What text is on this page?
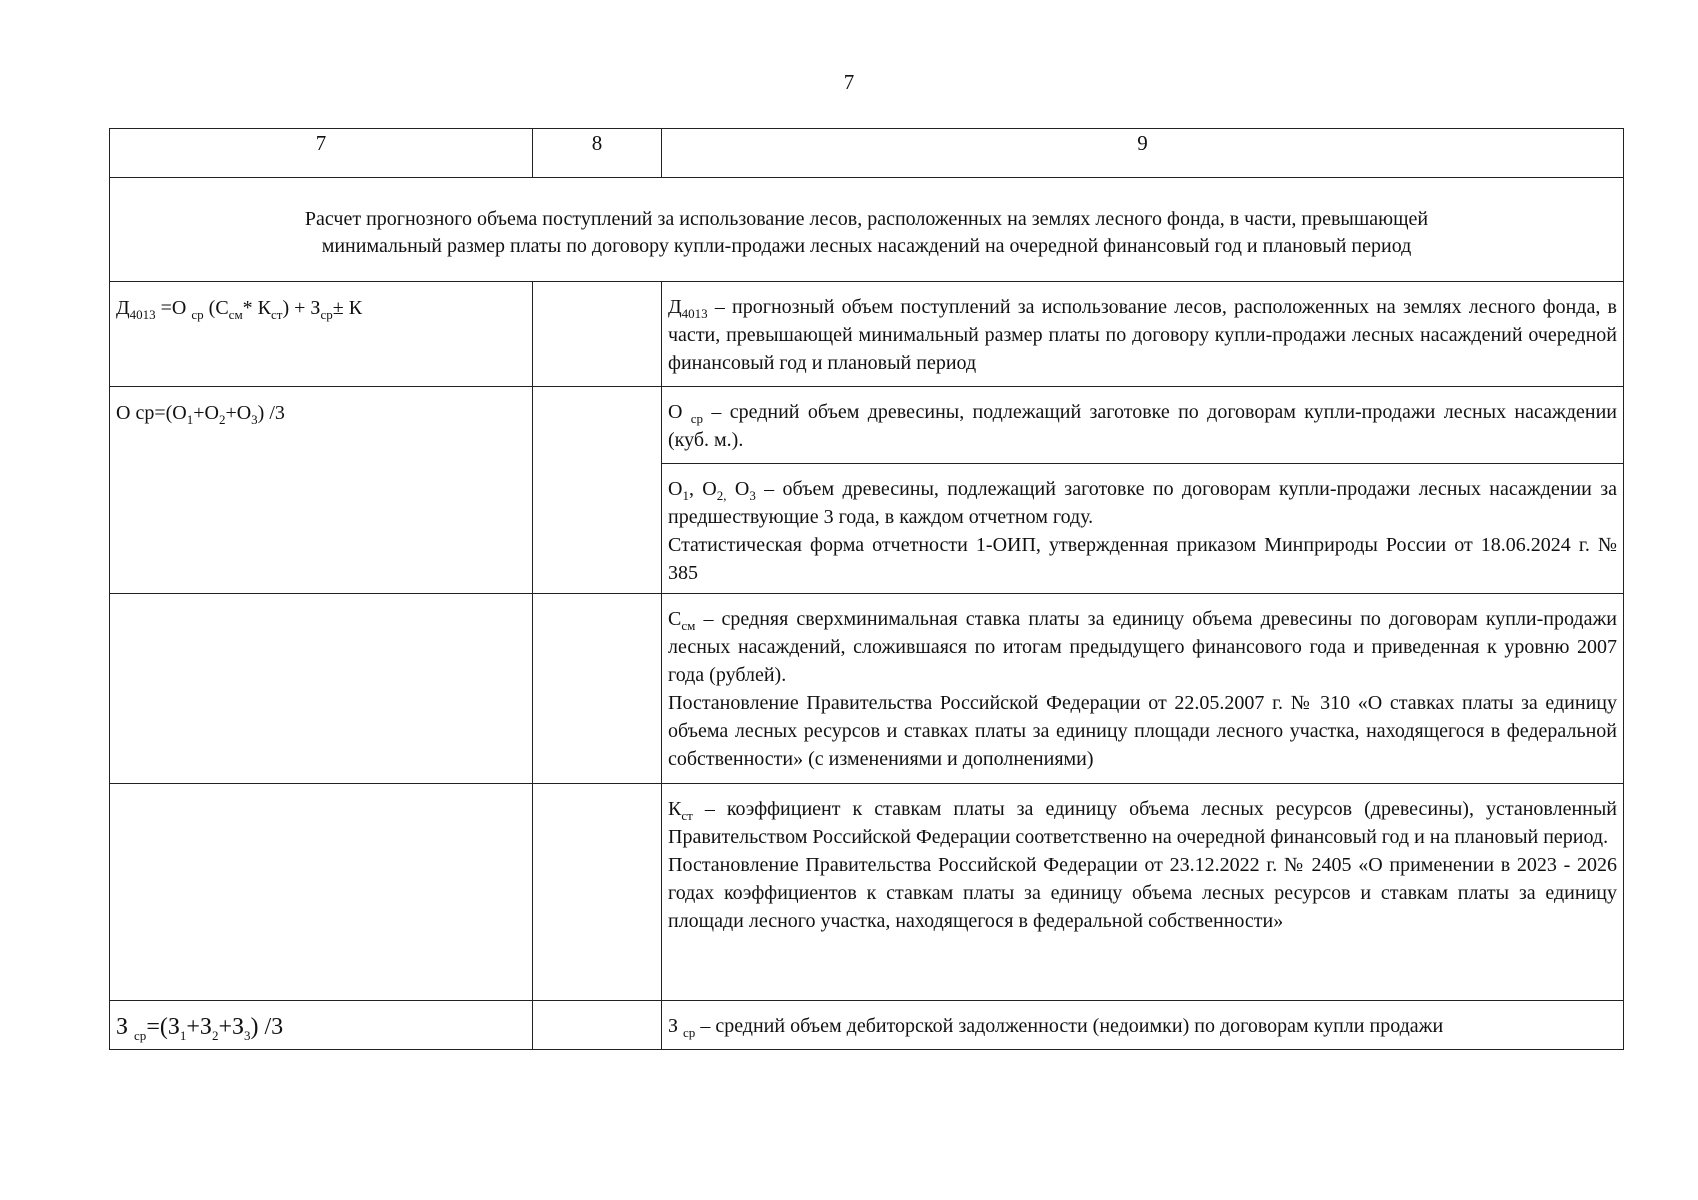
7
7	8	9

Расчет прогнозного объема поступлений за использование лесов, расположенных на землях лесного фонда, в части, превышающей
минимальный размер платы по договору купли-продажи лесных насаждений на очередной финансовый год и плановый период		

$Д_{4013} =О$ $_{ср}$ ($С_{см}*$ $К_{ст}) + З_{ср}\pm К$		$Д_{4013}$ – прогнозный объем поступлений за использование лесов, расположенных на землях лесного фонда, в части, превышающей минимальный размер платы по договору купли-продажи лесных насаждений очередной финансовый год и плановый период

О $ср=(О_1+О_2+О_3)$ /3		О $_{ср}$ – средний объем древесины, подлежащий заготовке по договорам купли-продажи лесных насаждении (куб. м.).

		$О_1$, $О_{2,}$ $О_3$ – объем древесины, подлежащий заготовке по договорам купли-продажи лесных насаждении за предшествующие 3 года, в каждом отчетном году.

Статистическая форма отчетности 1-ОИП, утвержденная приказом Минприроды России от 18.06.2024 г. № 385

		$С_{см}$ – средняя сверхминимальная ставка платы за единицу объема древесины по договорам купли-продажи лесных насаждений, сложившаяся по итогам предыдущего финансового года и приведенная к уровню 2007 года (рублей).

Постановление Правительства Российской Федерации от 22.05.2007 г. № 310 «О ставках платы за единицу объема лесных ресурсов и ставках платы за единицу площади лесного участка, находящегося в федеральной собственности» (с изменениями и дополнениями)

		$К_{ст}$ – коэффициент к ставкам платы за единицу объема лесных ресурсов (древесины), установленный Правительством Российской Федерации соответственно на очередной финансовый год и на плановый период.

Постановление Правительства Российской Федерации от 23.12.2022 г. № 2405 «О применении в 2023 - 2026 годах коэффициентов к ставкам платы за единицу объема лесных ресурсов и ставкам платы за единицу площади лесного участка, находящегося в федеральной собственности»

З $_{ср}=(З_1+З_2+З_3)$ /3		З $_{ср}$ – средний объем дебиторской задолженности (недоимки) по договорам купли продажи
